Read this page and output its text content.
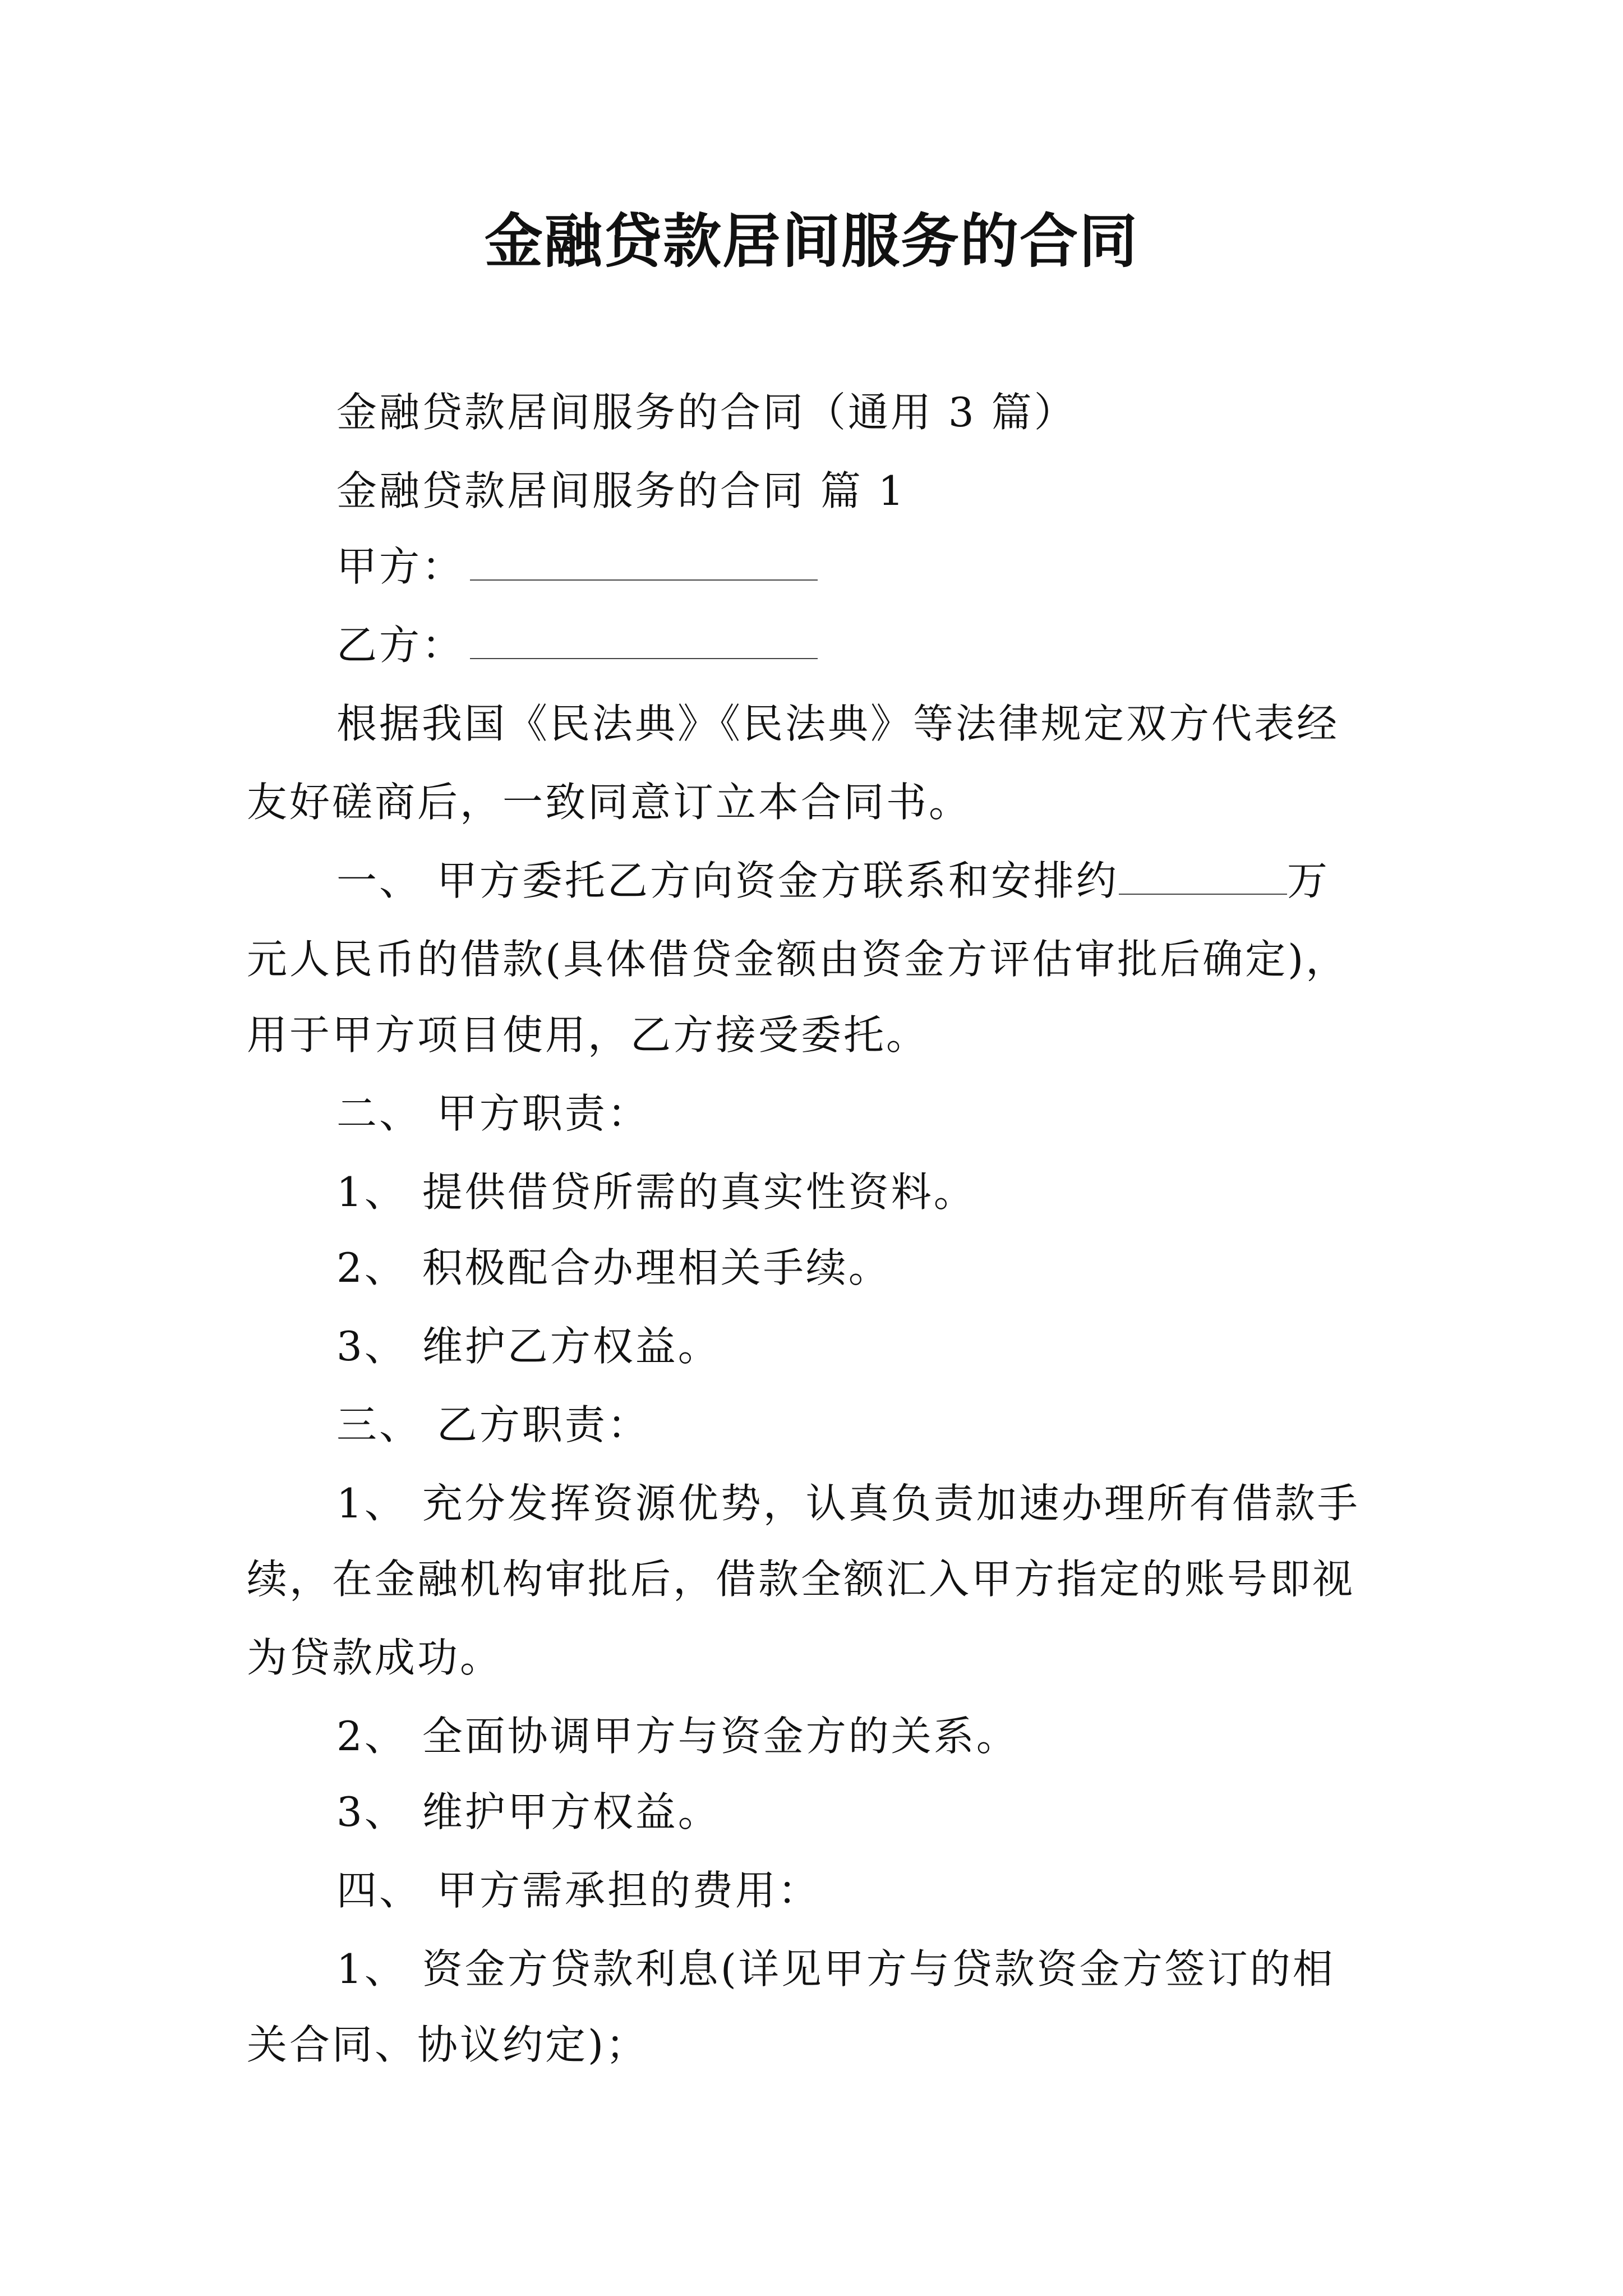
金融贷款居间服务的合同
金融贷款居间服务的合同（通用 3 篇）
金融贷款居间服务的合同 篇 1
甲方：
乙方：
根据我国《民法典》《民法典》等法律规定双方代表经
友好磋商后，一致同意订立本合同书。
一、 甲方委托乙方向资金方联系和安排约	万
元人民币的借款(具体借贷金额由资金方评估审批后确定)，
用于甲方项目使用，乙方接受委托。
二、 甲方职责：
1、 提供借贷所需的真实性资料。
2、 积极配合办理相关手续。
3、 维护乙方权益。
三、 乙方职责：
1、 充分发挥资源优势，认真负责加速办理所有借款手
续，在金融机构审批后，借款全额汇入甲方指定的账号即视
为贷款成功。
2、 全面协调甲方与资金方的关系。
3、 维护甲方权益。
四、 甲方需承担的费用：
1、 资金方贷款利息(详见甲方与贷款资金方签订的相
关合同、协议约定)；
